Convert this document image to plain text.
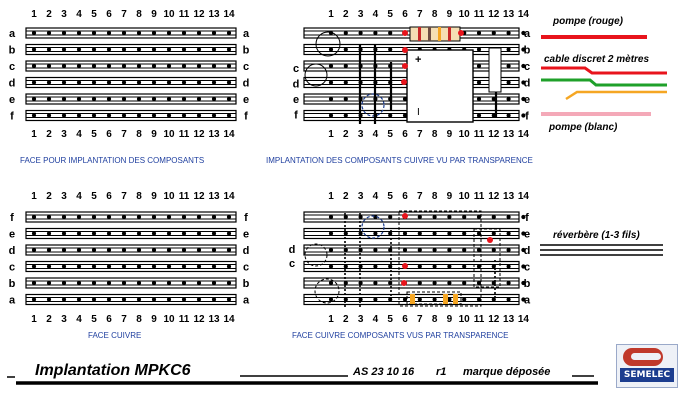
1 2 3 4 5 6 7 8 9 10 11 12 13 14
1 2 3 4 5 6 7 8 9 10 11 12 13 14
a	a
b	b
c	c
d	d
e	e
f	f
1 2 3 4 5 6 7 8 9 10 11 12 13 14
1 2 3 4 5 6 7 8 9 10 11 12 13 14
a
b
c
d
e
f
1 2 3 4 5 6 7 8 9 10 11 12 13 14
1 2 3 4 5 6 7 8 9 10 11 12 13 14
f	f
e	e
d	d
c	c
b	b
a	a
1 2 3 4 5 6 7 8 9 10 11 12 13 14
1 2 3 4 5 6 7 8 9 10 11 12 13 14
f
e
d
c
b
a
c
d
e
f
d
c
FACE POUR IMPLANTATION DES COMPOSANTS	IMPLANTATION DES COMPOSANTS CUIVRE VU PAR TRANSPARENCE
FACE CUIVRE	FACE CUIVRE COMPOSANTS VUS PAR TRANSPARENCE
pompe (rouge)
cable discret 2 mètres
pompe (blanc)
réverbère (1-3 fils)
+
I
Implantation MPKC6	AS 23 10 16 r1 marque déposée	SEMELEC
